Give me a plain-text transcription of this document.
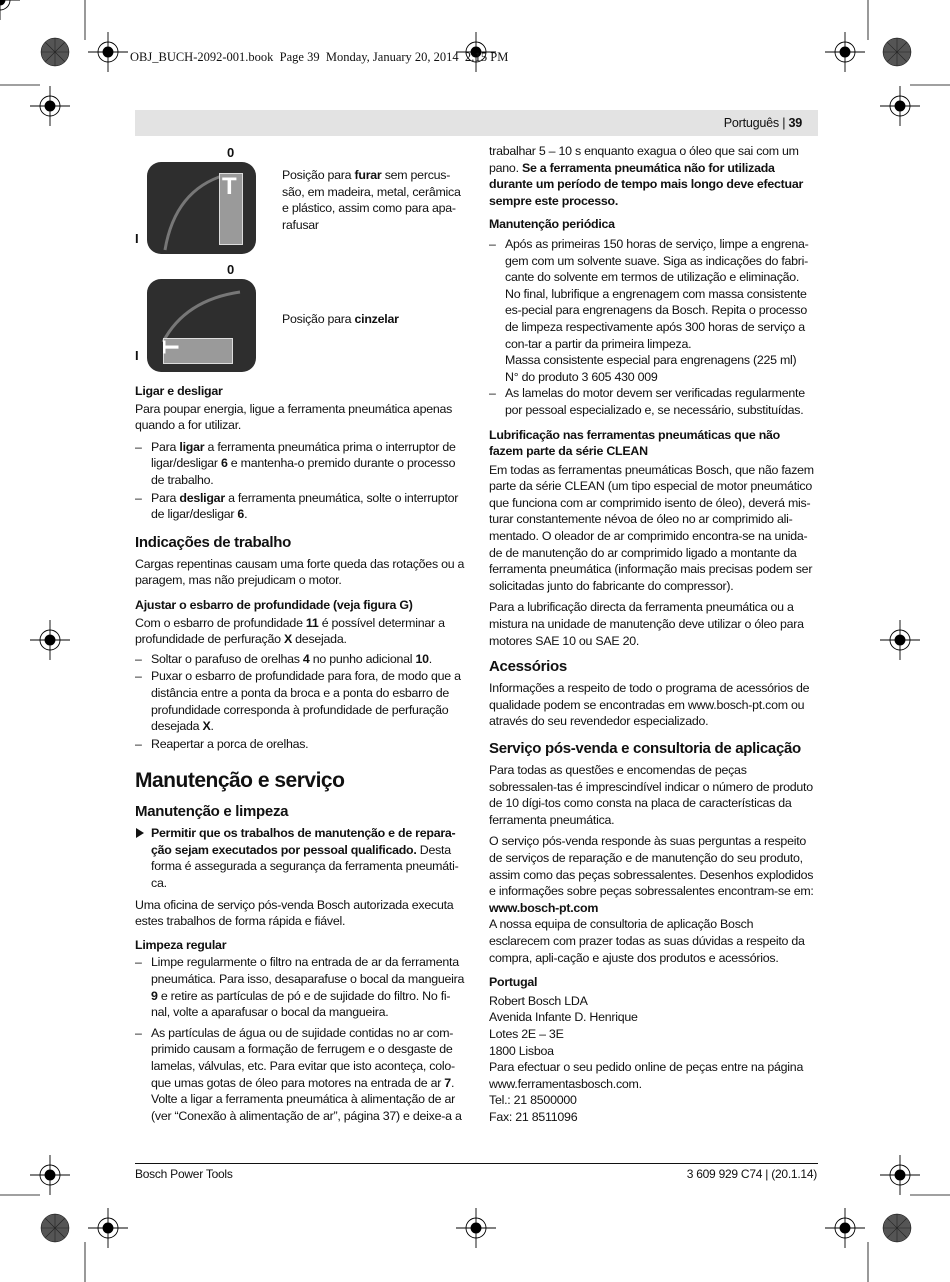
OBJ_BUCH-2092-001.book  Page 39  Monday, January 20, 2014  2:15 PM
Português | 39
0
I
T	Posição para furar sem percus-são, em madeira, metal, cerâmica e plástico, assim como para apa-rafusar

0
I
T

Posição para cinzelar

Ligar e desligar

Para poupar energia, ligue a ferramenta pneumática apenas quando a for utilizar.

– Para ligar a ferramenta pneumática prima o interruptor de ligar/desligar 6 e mantenha-o premido durante o processo de trabalho.

– Para desligar a ferramenta pneumática, solte o interruptor de ligar/desligar 6.

Indicações de trabalho

Cargas repentinas causam uma forte queda das rotações ou a paragem, mas não prejudicam o motor.

Ajustar o esbarro de profundidade (veja figura G)

Com o esbarro de profundidade 11 é possível determinar a profundidade de perfuração X desejada.

– Soltar o parafuso de orelhas 4 no punho adicional 10.

– Puxar o esbarro de profundidade para fora, de modo que a distância entre a ponta da broca e a ponta do esbarro de profundidade corresponda à profundidade de perfuração desejada X.

– Reapertar a porca de orelhas.

Manutenção e serviço

Manutenção e limpeza

Permitir que os trabalhos de manutenção e de repara-ção sejam executados por pessoal qualificado. Desta forma é assegurada a segurança da ferramenta pneumáti-ca.

Uma oficina de serviço pós-venda Bosch autorizada executa estes trabalhos de forma rápida e fiável.

Limpeza regular

– Limpe regularmente o filtro na entrada de ar da ferramenta pneumática. Para isso, desaparafuse o bocal da mangueira 9 e retire as partículas de pó e de sujidade do filtro. No fi-nal, volte a aparafusar o bocal da mangueira.

– As partículas de água ou de sujidade contidas no ar com-primido causam a formação de ferrugem e o desgaste de lamelas, válvulas, etc. Para evitar que isto aconteça, colo-que umas gotas de óleo para motores na entrada de ar 7. Volte a ligar a ferramenta pneumática à alimentação de ar (ver “Conexão à alimentação de ar”, página 37) e deixe-a a

trabalhar 5 – 10 s enquanto exagua o óleo que sai com um pano. Se a ferramenta pneumática não for utilizada durante um período de tempo mais longo deve efectuar sempre este processo.

Manutenção periódica

– Após as primeiras 150 horas de serviço, limpe a engrena-gem com um solvente suave. Siga as indicações do fabri-cante do solvente em termos de utilização e eliminação. No final, lubrifique a engrenagem com massa consistente es-pecial para engrenagens da Bosch. Repita o processo de limpeza respectivamente após 300 horas de serviço a con-tar a partir da primeira limpeza.

Massa consistente especial para engrenagens (225 ml)

N° do produto 3 605 430 009

– As lamelas do motor devem ser verificadas regularmente por pessoal especializado e, se necessário, substituídas.

Lubrificação nas ferramentas pneumáticas que não fazem parte da série CLEAN

Em todas as ferramentas pneumáticas Bosch, que não fazem parte da série CLEAN (um tipo especial de motor pneumático que funciona com ar comprimido isento de óleo), deverá mis-turar constantemente névoa de óleo no ar comprimido ali-mentado. O oleador de ar comprimido encontra-se na unida-de de manutenção do ar comprimido ligado a montante da ferramenta pneumática (informação mais precisas podem ser solicitadas junto do fabricante do compressor).

Para a lubrificação directa da ferramenta pneumática ou a mistura na unidade de manutenção deve utilizar o óleo para motores SAE 10 ou SAE 20.

Acessórios

Informações a respeito de todo o programa de acessórios de qualidade podem se encontradas em www.bosch-pt.com ou através do seu revendedor especializado.

Serviço pós-venda e consultoria de aplicação

Para todas as questões e encomendas de peças sobressalen-tas é imprescindível indicar o número de produto de 10 dígi-tos como consta na placa de características da ferramenta pneumática.

O serviço pós-venda responde às suas perguntas a respeito de serviços de reparação e de manutenção do seu produto, assim como das peças sobressalentes. Desenhos explodidos e informações sobre peças sobressalentes encontram-se em:

www.bosch-pt.com

A nossa equipa de consultoria de aplicação Bosch esclarecem com prazer todas as suas dúvidas a respeito da compra, apli-cação e ajuste dos produtos e acessórios.

Portugal

Robert Bosch LDA

Avenida Infante D. Henrique

Lotes 2E – 3E

1800 Lisboa

Para efectuar o seu pedido online de peças entre na página www.ferramentasbosch.com.

Tel.: 21 8500000

Fax: 21 8511096

Bosch Power Tools	3 609 929 C74 | (20.1.14)
